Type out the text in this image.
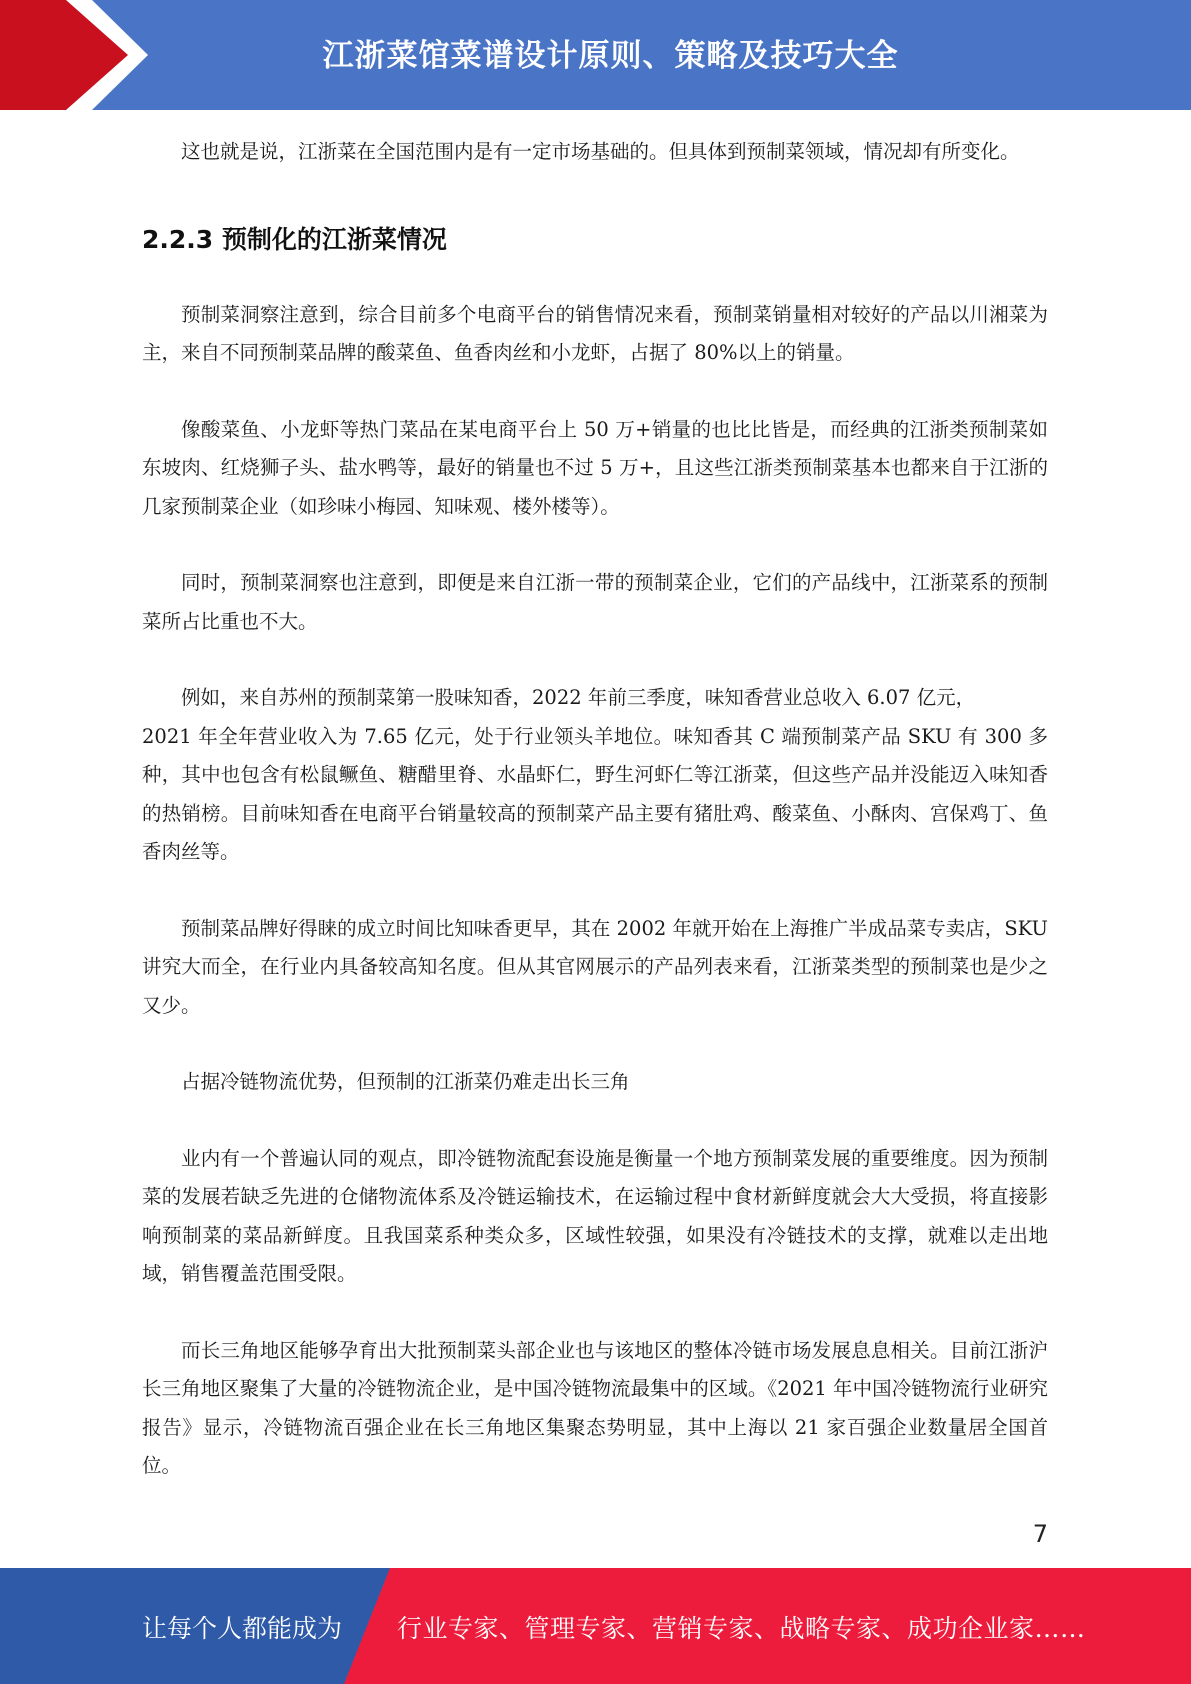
江浙菜馆菜谱设计原则、策略及技巧大全

这也就是说，江浙菜在全国范围内是有一定市场基础的。但具体到预制菜领域，情况却有所变化。

2.2.3 预制化的江浙菜情况

预制菜洞察注意到，综合目前多个电商平台的销售情况来看，预制菜销量相对较好的产品以川湘菜为主，来自不同预制菜品牌的酸菜鱼、鱼香肉丝和小龙虾，占据了 80%以上的销量。

像酸菜鱼、小龙虾等热门菜品在某电商平台上 50 万+销量的也比比皆是，而经典的江浙类预制菜如东坡肉、红烧狮子头、盐水鸭等，最好的销量也不过 5 万+，且这些江浙类预制菜基本也都来自于江浙的几家预制菜企业（如珍味小梅园、知味观、楼外楼等）。

同时，预制菜洞察也注意到，即便是来自江浙一带的预制菜企业，它们的产品线中，江浙菜系的预制菜所占比重也不大。

例如，来自苏州的预制菜第一股味知香，2022 年前三季度，味知香营业总收入 6.07 亿元，
2021 年全年营业收入为 7.65 亿元，处于行业领头羊地位。味知香其 C 端预制菜产品 SKU 有 300 多种，其中也包含有松鼠鳜鱼、糖醋里脊、水晶虾仁，野生河虾仁等江浙菜，但这些产品并没能迈入味知香的热销榜。目前味知香在电商平台销量较高的预制菜产品主要有猪肚鸡、酸菜鱼、小酥肉、宫保鸡丁、鱼香肉丝等。

预制菜品牌好得睐的成立时间比知味香更早，其在 2002 年就开始在上海推广半成品菜专卖店，SKU 讲究大而全，在行业内具备较高知名度。但从其官网展示的产品列表来看，江浙菜类型的预制菜也是少之又少。

占据冷链物流优势，但预制的江浙菜仍难走出长三角

业内有一个普遍认同的观点，即冷链物流配套设施是衡量一个地方预制菜发展的重要维度。因为预制菜的发展若缺乏先进的仓储物流体系及冷链运输技术，在运输过程中食材新鲜度就会大大受损，将直接影响预制菜的菜品新鲜度。且我国菜系种类众多，区域性较强，如果没有冷链技术的支撑，就难以走出地域，销售覆盖范围受限。

而长三角地区能够孕育出大批预制菜头部企业也与该地区的整体冷链市场发展息息相关。目前江浙沪长三角地区聚集了大量的冷链物流企业，是中国冷链物流最集中的区域。《2021 年中国冷链物流行业研究报告》显示，冷链物流百强企业在长三角地区集聚态势明显，其中上海以 21 家百强企业数量居全国首位。

7
让每个人都能成为 行业专家、管理专家、营销专家、战略专家、成功企业家……
